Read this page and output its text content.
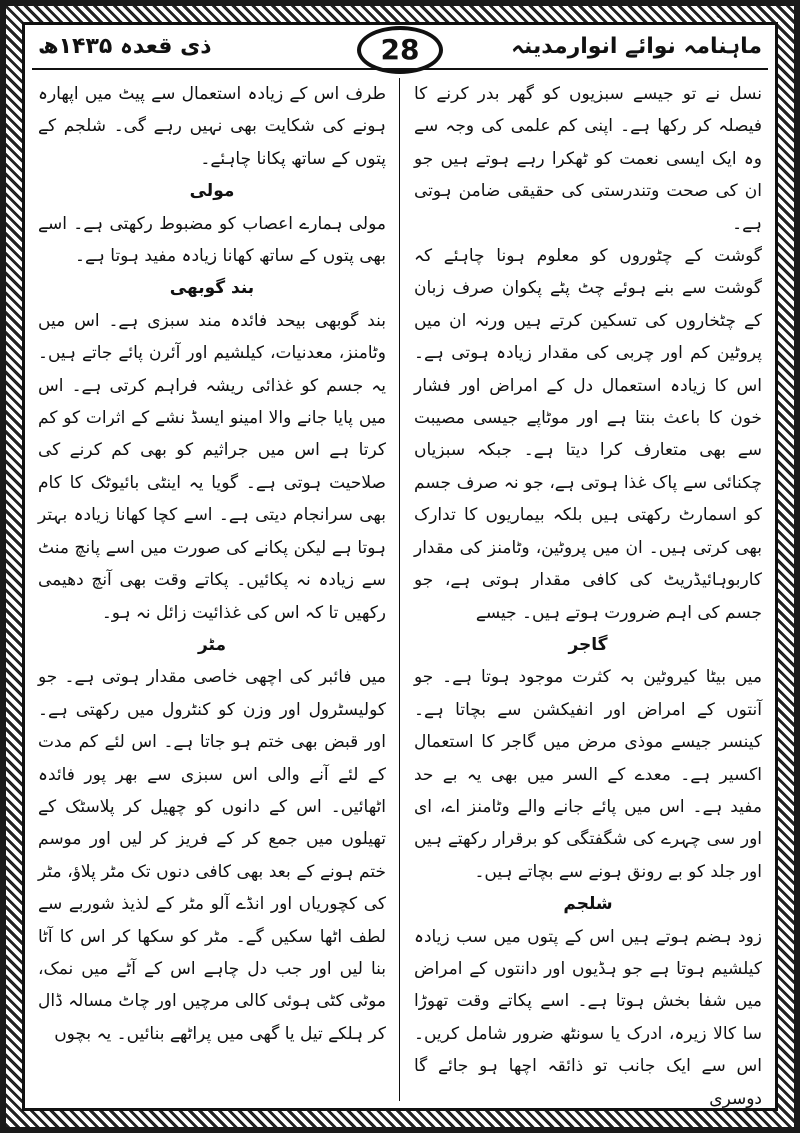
ماہنامہ نوائے انوارمدینہ
28
ذی قعدہ ۱۴۳۵ھ

نسل نے تو جیسے سبزیوں کو گھر بدر کرنے کا فیصلہ کر رکھا ہے۔ اپنی کم علمی کی وجہ سے وہ ایک ایسی نعمت کو ٹھکرا رہے ہوتے ہیں جو ان کی صحت وتندرستی کی حقیقی ضامن ہوتی ہے۔

گوشت کے چٹوروں کو معلوم ہونا چاہئے کہ گوشت سے بنے ہوئے چٹ پٹے پکوان صرف زبان کے چٹخاروں کی تسکین کرتے ہیں ورنہ ان میں پروٹین کم اور چربی کی مقدار زیادہ ہوتی ہے۔اس کا زیادہ استعمال دل کے امراض اور فشار خون کا باعث بنتا ہے اور موٹاپے جیسی مصیبت سے بھی متعارف کرا دیتا ہے۔ جبکہ سبزیاں چکنائی سے پاک غذا ہوتی ہے، جو نہ صرف جسم کو اسمارٹ رکھتی ہیں بلکہ بیماریوں کا تدارک بھی کرتی ہیں۔ ان میں پروٹین، وٹامنز کی مقدار کاربوہائیڈریٹ کی کافی مقدار ہوتی ہے، جو جسم کی اہم ضرورت ہوتے ہیں۔ جیسے

گاجر

میں بیٹا کیروٹین بہ کثرت موجود ہوتا ہے۔ جو آنتوں کے امراض اور انفیکشن سے بچاتا ہے۔ کینسر جیسے موذی مرض میں گاجر کا استعمال اکسیر ہے۔ معدے کے السر میں بھی یہ بے حد مفید ہے۔ اس میں پائے جانے والے وٹامنز اے، ای اور سی چہرے کی شگفتگی کو برقرار رکھتے ہیں اور جلد کو بے رونق ہونے سے بچاتے ہیں۔

شلجم

زود ہضم ہوتے ہیں اس کے پتوں میں سب زیادہ کیلشیم ہوتا ہے جو ہڈیوں اور دانتوں کے امراض میں شفا بخش ہوتا ہے۔ اسے پکاتے وقت تھوڑا سا کالا زیرہ، ادرک یا سونٹھ ضرور شامل کریں۔ اس سے ایک جانب تو ذائقہ اچھا ہو جائے گا دوسری

طرف اس کے زیادہ استعمال سے پیٹ میں اپھارہ ہونے کی شکایت بھی نہیں رہے گی۔ شلجم کے پتوں کے ساتھ پکانا چاہئے۔

مولی

مولی ہمارے اعصاب کو مضبوط رکھتی ہے۔ اسے بھی پتوں کے ساتھ کھانا زیادہ مفید ہوتا ہے۔

بند گوبھی

بند گوبھی بیحد فائدہ مند سبزی ہے۔ اس میں وٹامنز، معدنیات، کیلشیم اور آئرن پائے جاتے ہیں۔ یہ جسم کو غذائی ریشہ فراہم کرتی ہے۔ اس میں پایا جانے والا امینو ایسڈ نشے کے اثرات کو کم کرتا ہے اس میں جراثیم کو بھی کم کرنے کی صلاحیت ہوتی ہے۔ گویا یہ اینٹی بائیوٹک کا کام بھی سرانجام دیتی ہے۔ اسے کچا کھانا زیادہ بہتر ہوتا ہے لیکن پکانے کی صورت میں اسے پانچ منٹ سے زیادہ نہ پکائیں۔ پکاتے وقت بھی آنچ دھیمی رکھیں تا کہ اس کی غذائیت زائل نہ ہو۔

مٹر

میں فائبر کی اچھی خاصی مقدار ہوتی ہے۔ جو کولیسٹرول اور وزن کو کنٹرول میں رکھتی ہے۔ اور قبض بھی ختم ہو جاتا ہے۔ اس لئے کم مدت کے لئے آنے والی اس سبزی سے بھر پور فائدہ اٹھائیں۔ اس کے دانوں کو چھیل کر پلاسٹک کے تھیلوں میں جمع کر کے فریز کر لیں اور موسم ختم ہونے کے بعد بھی کافی دنوں تک مٹر پلاؤ، مٹر کی کچوریاں اور انڈے آلو مٹر کے لذیذ شوربے سے لطف اٹھا سکیں گے۔ مٹر کو سکھا کر اس کا آٹا بنا لیں اور جب دل چاہے اس کے آٹے میں نمک، موٹی کٹی ہوئی کالی مرچیں اور چاٹ مسالہ ڈال کر ہلکے تیل یا گھی میں پراٹھے بنائیں۔ یہ بچوں
